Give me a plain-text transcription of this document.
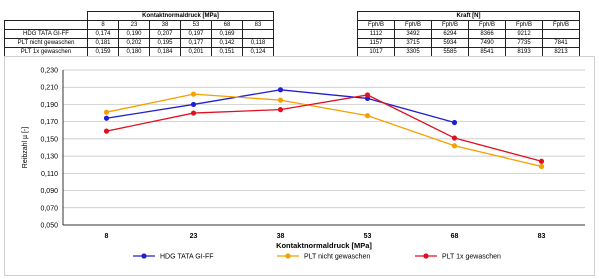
	Kontaktnormaldruck [MPa]					
	8	23	38	53	68	83
HDG TATA GI-FF	0,174	0,190	0,207	0,197	0,169	
PLT nicht gewaschen	0,181	0,202	0,195	0,177	0,142	0,118
PLT 1x gewaschen	0,159	0,180	0,184	0,201	0,151	0,124
Kraft [N]					
Fph/B	Fph/B	Fph/B	Fph/B	Fph/B	Fph/B
1112	3492	6294	8366	9212	
1157	3715	5934	7490	7735	7841
1017	3305	5585	8541	8193	8213
0,050
0,070
0,090
0,110
0,130
0,150
0,170
0,190
0,210
0,230
8	23	38	53	68	83
Kontaktnormaldruck [MPa]
Reibzahl µ [-]
HDG TATA GI-FF	PLT nicht gewaschen	PLT 1x gewaschen
